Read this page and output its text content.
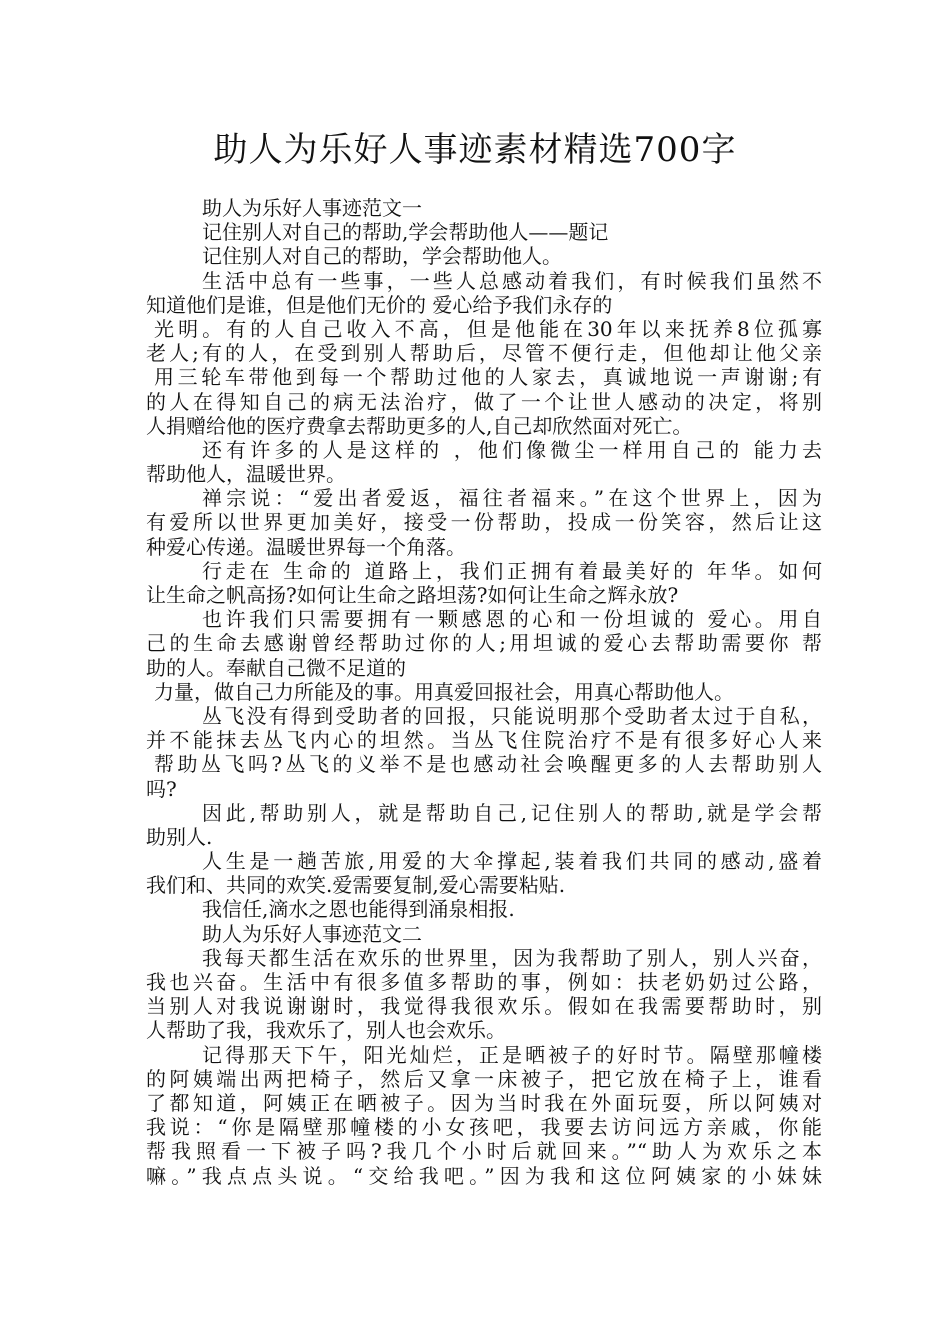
助人为乐好人事迹素材精选700字
助人为乐好人事迹范文一
记住别人对自己的帮助,学会帮助他人——题记
记住别人对自己的帮助，学会帮助他人。
生活中总有一些事，一些人总感动着我们，有时候我们虽然不
知道他们是谁，但是他们无价的 爱心给予我们永存的
光明。有的人自己收入不高，但是他能在30年以来抚养8位孤寡
老人;有的人，在受到别人帮助后，尽管不便行走，但他却让他父亲
用三轮车带他到每一个帮助过他的人家去，真诚地说一声谢谢;有
的人在得知自己的病无法治疗，做了一个让世人感动的决定，将别
人捐赠给他的医疗费拿去帮助更多的人,自己却欣然面对死亡。
还有许多的人是这样的 ，他们像微尘一样用自己的 能力去
帮助他人，温暖世界。
禅宗说：“爱出者爱返，福往者福来。”在这个世界上，因为
有爱所以世界更加美好，接受一份帮助，投成一份笑容，然后让这
种爱心传递。温暖世界每一个角落。
行走在 生命的 道路上，我们正拥有着最美好的 年华。如何
让生命之帆高扬?如何让生命之路坦荡?如何让生命之辉永放?
也许我们只需要拥有一颗感恩的心和一份坦诚的 爱心。用自
己的生命去感谢曾经帮助过你的人;用坦诚的爱心去帮助需要你 帮
助的人。奉献自己微不足道的
力量，做自己力所能及的事。用真爱回报社会，用真心帮助他人。
丛飞没有得到受助者的回报，只能说明那个受助者太过于自私，
并不能抹去丛飞内心的坦然。当丛飞住院治疗不是有很多好心人来
帮助丛飞吗?丛飞的义举不是也感动社会唤醒更多的人去帮助别人
吗?
因此,帮助别人，就是帮助自己,记住别人的帮助,就是学会帮
助别人.
人生是一趟苦旅,用爱的大伞撑起,装着我们共同的感动,盛着
我们和、共同的欢笑.爱需要复制,爱心需要粘贴.
我信任,滴水之恩也能得到涌泉相报.
助人为乐好人事迹范文二
我每天都生活在欢乐的世界里，因为我帮助了别人，别人兴奋，
我也兴奋。生活中有很多值多帮助的事，例如：扶老奶奶过公路，
当别人对我说谢谢时，我觉得我很欢乐。假如在我需要帮助时，别
人帮助了我，我欢乐了，别人也会欢乐。
记得那天下午，阳光灿烂，正是晒被子的好时节。隔壁那幢楼
的阿姨端出两把椅子，然后又拿一床被子，把它放在椅子上，谁看
了都知道，阿姨正在晒被子。因为当时我在外面玩耍，所以阿姨对
我说：“你是隔壁那幢楼的小女孩吧，我要去访问远方亲戚，你能
帮我照看一下被子吗?我几个小时后就回来。”“助人为欢乐之本
嘛。”我点点头说。“交给我吧。”因为我和这位阿姨家的小妹妹
